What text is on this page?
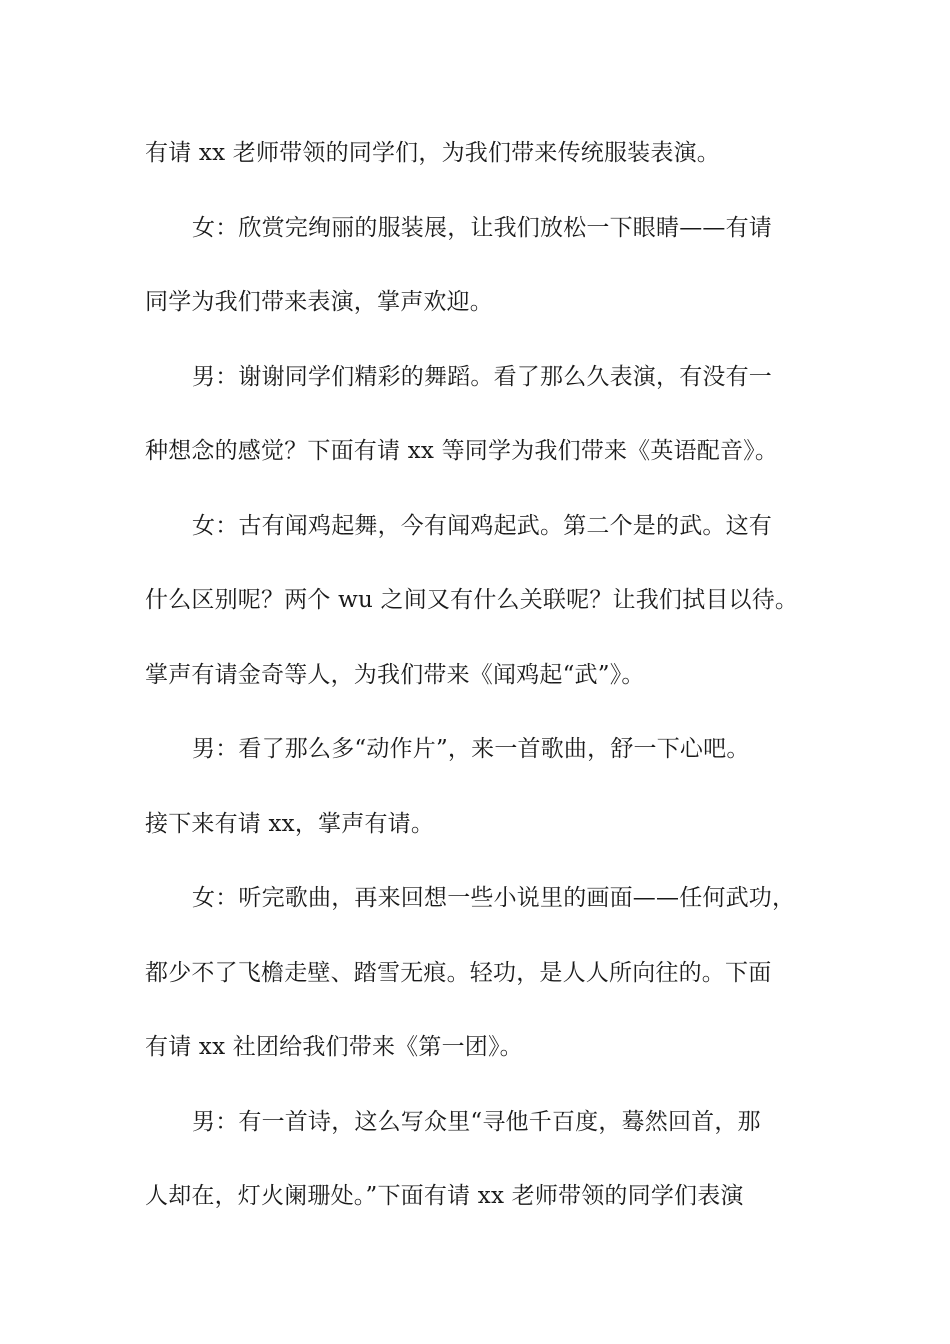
有请 xx 老师带领的同学们，为我们带来传统服装表演。
女：欣赏完绚丽的服装展，让我们放松一下眼睛——有请
同学为我们带来表演，掌声欢迎。
男：谢谢同学们精彩的舞蹈。看了那么久表演，有没有一
种想念的感觉？下面有请 xx 等同学为我们带来《英语配音》。
女：古有闻鸡起舞，今有闻鸡起武。第二个是的武。这有
什么区别呢？两个 wu 之间又有什么关联呢？让我们拭目以待。
掌声有请金奇等人，为我们带来《闻鸡起“武”》。
男：看了那么多“动作片”，来一首歌曲，舒一下心吧。
接下来有请 xx，掌声有请。
女：听完歌曲，再来回想一些小说里的画面——任何武功，
都少不了飞檐走壁、踏雪无痕。轻功，是人人所向往的。下面
有请 xx 社团给我们带来《第一团》。
男：有一首诗，这么写众里“寻他千百度，蓦然回首，那
人却在，灯火阑珊处。”下面有请 xx 老师带领的同学们表演
